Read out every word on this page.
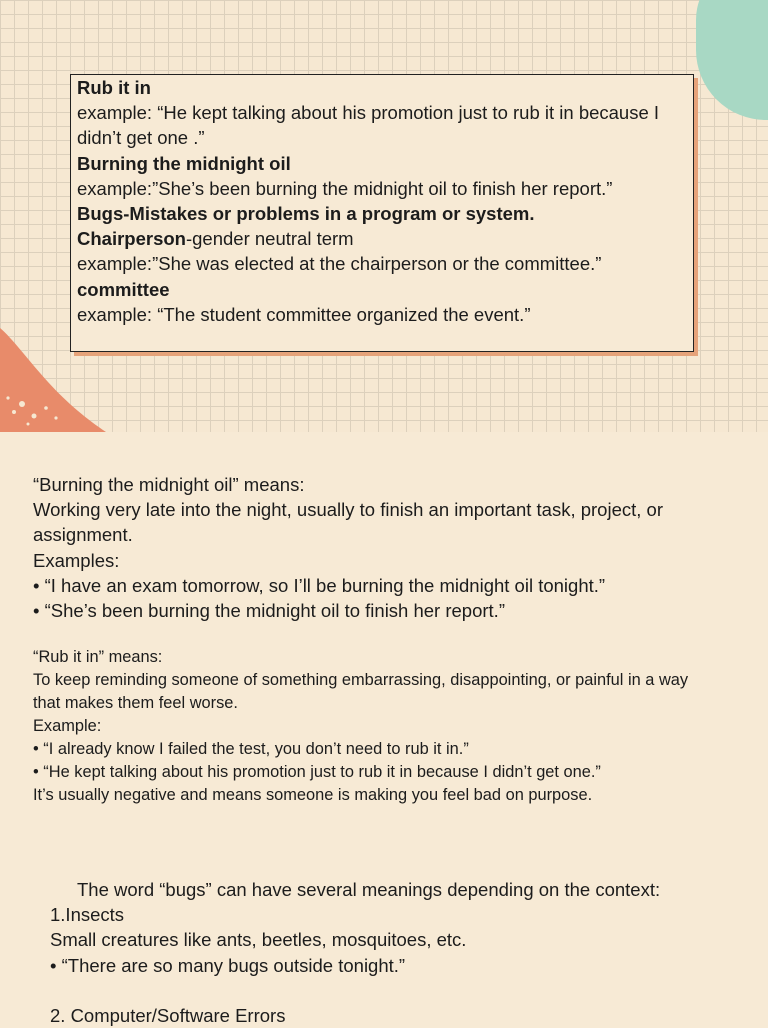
Rub it in
example: “He kept talking about his promotion just to rub it in because I
didn’t get one .”
Burning the midnight oil
example:”She’s been burning the midnight oil to finish her report.”
Bugs-Mistakes or problems in a program or system.
Chairperson-gender neutral term
example:”She was elected at the chairperson or the committee.”
committee
example: “The student committee organized the event.”
“Burning the midnight oil” means:
Working very late into the night, usually to finish an important task, project, or
assignment.
Examples:
• “I have an exam tomorrow, so I’ll be burning the midnight oil tonight.”
• “She’s been burning the midnight oil to finish her report.”
“Rub it in” means:
To keep reminding someone of something embarrassing, disappointing, or painful in a way
that makes them feel worse.
Example:
• “I already know I failed the test, you don’t need to rub it in.”
• “He kept talking about his promotion just to rub it in because I didn’t get one.”
It’s usually negative and means someone is making you feel bad on purpose.
The word “bugs” can have several meanings depending on the context:
1.Insects
Small creatures like ants, beetles, mosquitoes, etc.
• “There are so many bugs outside tonight.”
2. Computer/Software Errors
